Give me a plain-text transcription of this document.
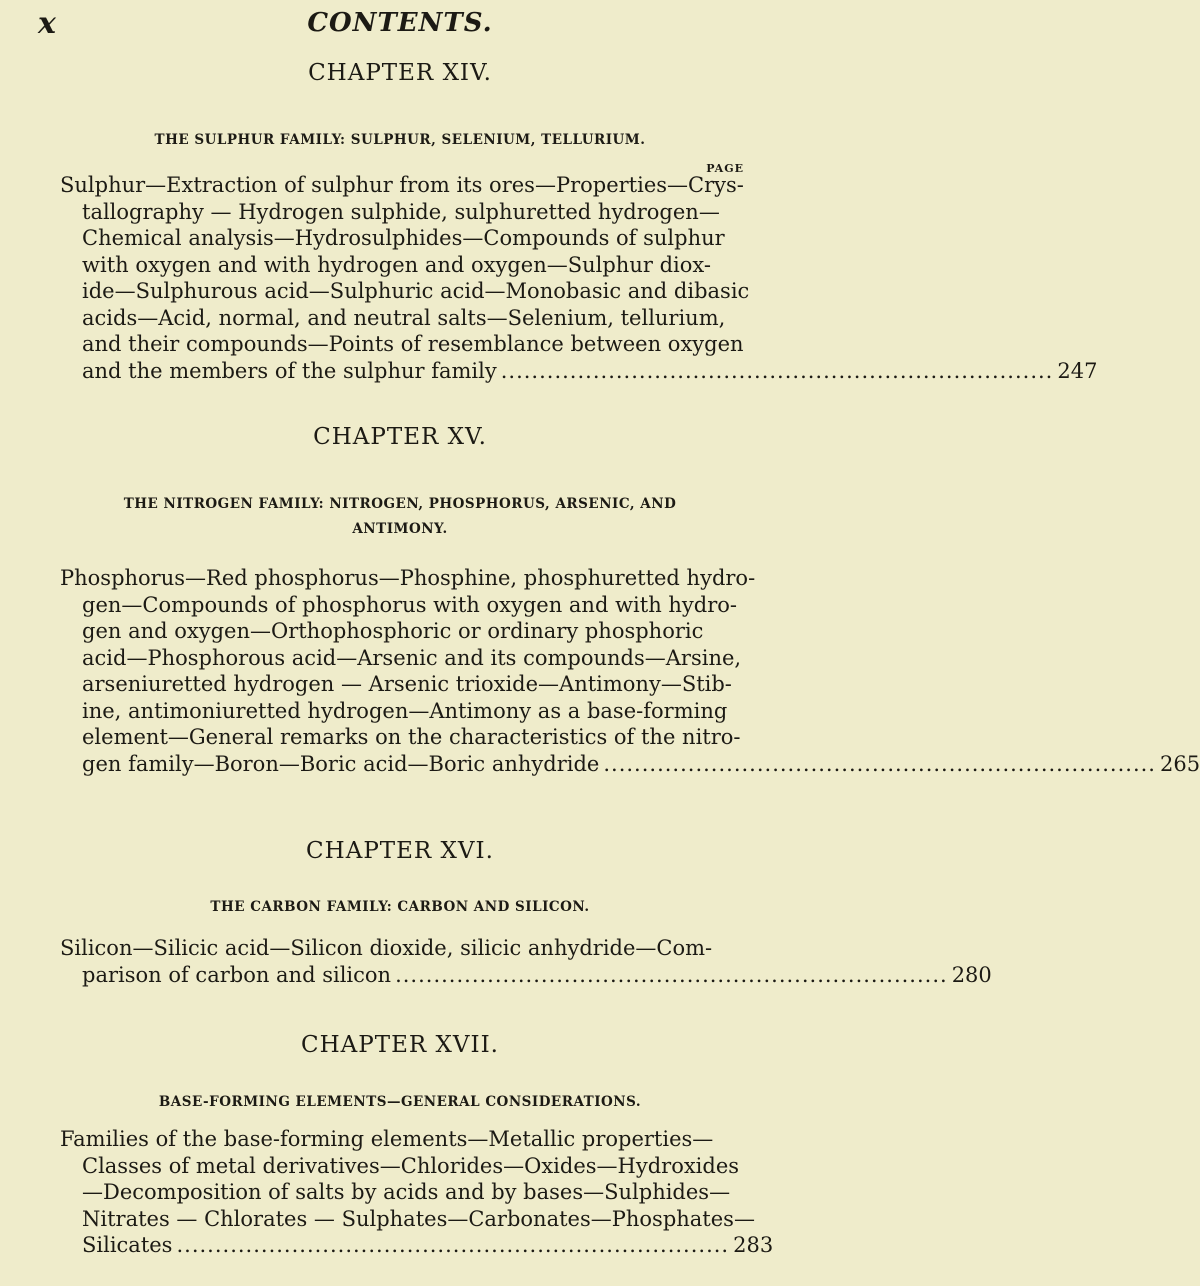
x	CONTENTS.
CHAPTER XIV.
THE SULPHUR FAMILY: SULPHUR, SELENIUM, TELLURIUM.
PAGE
Sulphur—Extraction of sulphur from its ores—Properties—Crys-
tallography — Hydrogen sulphide, sulphuretted hydrogen—
Chemical analysis—Hydrosulphides—Compounds of sulphur
with oxygen and with hydrogen and oxygen—Sulphur diox-
ide—Sulphurous acid—Sulphuric acid—Monobasic and dibasic
acids—Acid, normal, and neutral salts—Selenium, tellurium,
and their compounds—Points of resemblance between oxygen
and the members of the sulphur family ........................................................................ 247
CHAPTER XV.
THE NITROGEN FAMILY: NITROGEN, PHOSPHORUS, ARSENIC, AND ANTIMONY.
Phosphorus—Red phosphorus—Phosphine, phosphuretted hydro-
gen—Compounds of phosphorus with oxygen and with hydro-
gen and oxygen—Orthophosphoric or ordinary phosphoric
acid—Phosphorous acid—Arsenic and its compounds—Arsine,
arseniuretted hydrogen — Arsenic trioxide—Antimony—Stib-
ine, antimoniuretted hydrogen—Antimony as a base-forming
element—General remarks on the characteristics of the nitro-
gen family—Boron—Boric acid—Boric anhydride ........................................................................ 265
CHAPTER XVI.
THE CARBON FAMILY: CARBON AND SILICON.
Silicon—Silicic acid—Silicon dioxide, silicic anhydride—Com-
parison of carbon and silicon ........................................................................ 280
CHAPTER XVII.
BASE-FORMING ELEMENTS—GENERAL CONSIDERATIONS.
Families of the base-forming elements—Metallic properties—
Classes of metal derivatives—Chlorides—Oxides—Hydroxides
—Decomposition of salts by acids and by bases—Sulphides—
Nitrates — Chlorates — Sulphates—Carbonates—Phosphates—
Silicates ........................................................................ 283
